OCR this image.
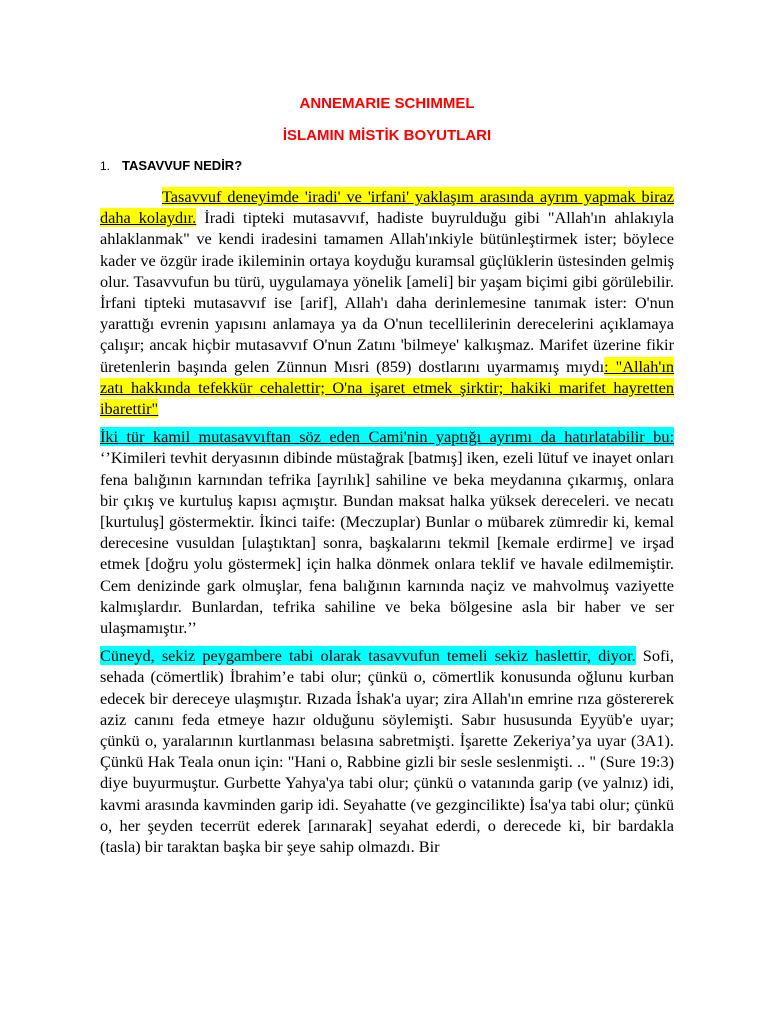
ANNEMARIE SCHIMMEL
İSLAMIN MİSTİK BOYUTLARI
1. TASAVVUF NEDİR?

Tasavvuf deneyimde 'iradi' ve 'irfani' yaklaşım arasında ayrım yapmak biraz daha kolaydır. İradi tipteki mutasavvıf, hadiste buyrulduğu gibi "Allah'ın ahlakıyla ahlaklanmak" ve kendi iradesini tamamen Allah'ınkiyle bütünleştirmek ister; böylece kader ve özgür irade ikileminin ortaya koyduğu kuramsal güçlüklerin üstesinden gelmiş olur. Tasavvufun bu türü, uygulamaya yönelik [ameli] bir yaşam biçimi gibi görülebilir. İrfani tipteki mutasavvıf ise [arif], Allah'ı daha derinlemesine tanımak ister: O'nun yarattığı evrenin yapısını anlamaya ya da O'nun tecellilerinin derecelerini açıklamaya çalışır; ancak hiçbir mutasavvıf O'nun Zatını 'bilmeye' kalkışmaz. Marifet üzerine fikir üretenlerin başında gelen Zünnun Mısri (859) dostlarını uyarmamış mıydı: "Allah'ın zatı hakkında tefekkür cehalettir; O'na işaret etmek şirktir; hakiki marifet hayretten ibarettir"

İki tür kamil mutasavvıftan söz eden Cami'nin yaptığı ayrımı da hatırlatabilir bu: ‘’Kimileri tevhit deryasının dibinde müstağrak [batmış] iken, ezeli lütuf ve inayet onları fena balığının karnından tefrika [ayrılık] sahiline ve beka meydanına çıkarmış, onlara bir çıkış ve kurtuluş kapısı açmıştır. Bundan maksat halka yüksek dereceleri. ve necatı [kurtuluş] göstermektir. İkinci taife: (Meczuplar) Bunlar o mübarek zümredir ki, kemal derecesine vusuldan [ulaştıktan] sonra, başkalarını tekmil [kemale erdirme] ve irşad etmek [doğru yolu göstermek] için halka dönmek onlara teklif ve havale edilmemiştir. Cem denizinde gark olmuşlar, fena balığının karnında naçiz ve mahvolmuş vaziyette kalmışlardır. Bunlardan, tefrika sahiline ve beka bölgesine asla bir haber ve ser ulaşmamıştır.’’

Cüneyd, sekiz peygambere tabi olarak tasavvufun temeli sekiz haslettir, diyor. Sofi, sehada (cömertlik) İbrahim’e tabi olur; çünkü o, cömertlik konusunda oğlunu kurban edecek bir dereceye ulaşmıştır. Rızada İshak'a uyar; zira Allah'ın emrine rıza göstererek aziz canını feda etmeye hazır olduğunu söylemişti. Sabır hususunda Eyyüb'e uyar; çünkü o, yaralarının kurtlanması belasına sabretmişti. İşarette Zekeriya’ya uyar (3A1). Çünkü Hak Teala onun için: "Hani o, Rabbine gizli bir sesle seslenmişti. .. " (Sure 19:3) diye buyurmuştur. Gurbette Yahya'ya tabi olur; çünkü o vatanında garip (ve yalnız) idi, kavmi arasında kavminden garip idi. Seyahatte (ve gezgincilikte) İsa'ya tabi olur; çünkü o, her şeyden tecerrüt ederek [arınarak] seyahat ederdi, o derecede ki, bir bardakla (tasla) bir taraktan başka bir şeye sahip olmazdı. Bir
